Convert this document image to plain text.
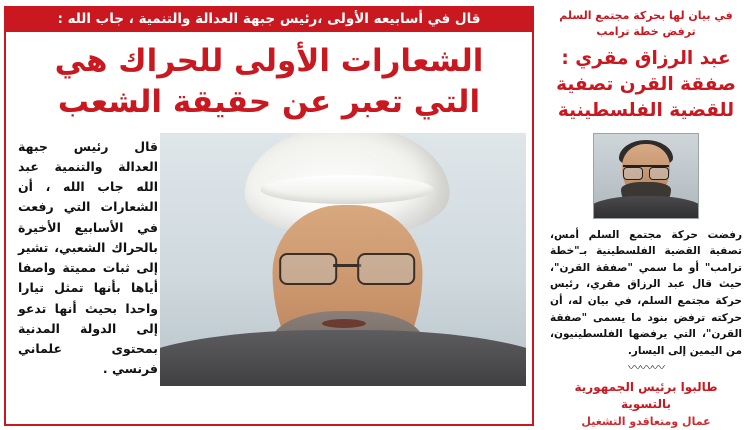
قال في أسابيعه الأولى ،رئيس جبهة العدالة والتنمية ، جاب الله :
الشعارات الأولى للحراك هي
التي تعبر عن حقيقة الشعب
قال رئيس جبهة العدالة والتنمية عبد الله جاب الله ، أن الشعارات التي رفعت في الأسابيع الأخيرة بالحراك الشعبي، تشير إلى ثبات مميتة واصفا أياها بأنها تمثل تيارا واحدا بحيث أنها تدعو إلى الدولة المدنية بمحتوى علماني فرنسي .
في بيان لها بحركة مجتمع السلم ترفض خطة ترامب
عبد الرزاق مقري :
صفقة القرن تصفية
للقضية الفلسطينية
رفضت حركة مجتمع السلم أمس، تصفية القضية الفلسطينية بـ"خطة ترامب" أو ما سمي "صفقة القرن"، حيث قال عبد الرزاق مقري، رئيس حركة مجتمع السلم، في بيان له، أن حركته ترفض بنود ما يسمى "صفقة القرن"، التي يرفضها الفلسطينيون، من اليمين إلى اليسار.
〰〰〰
طالبوا برئيس الجمهورية بالتسوية
عمال ومتعاقدو التشغيل
